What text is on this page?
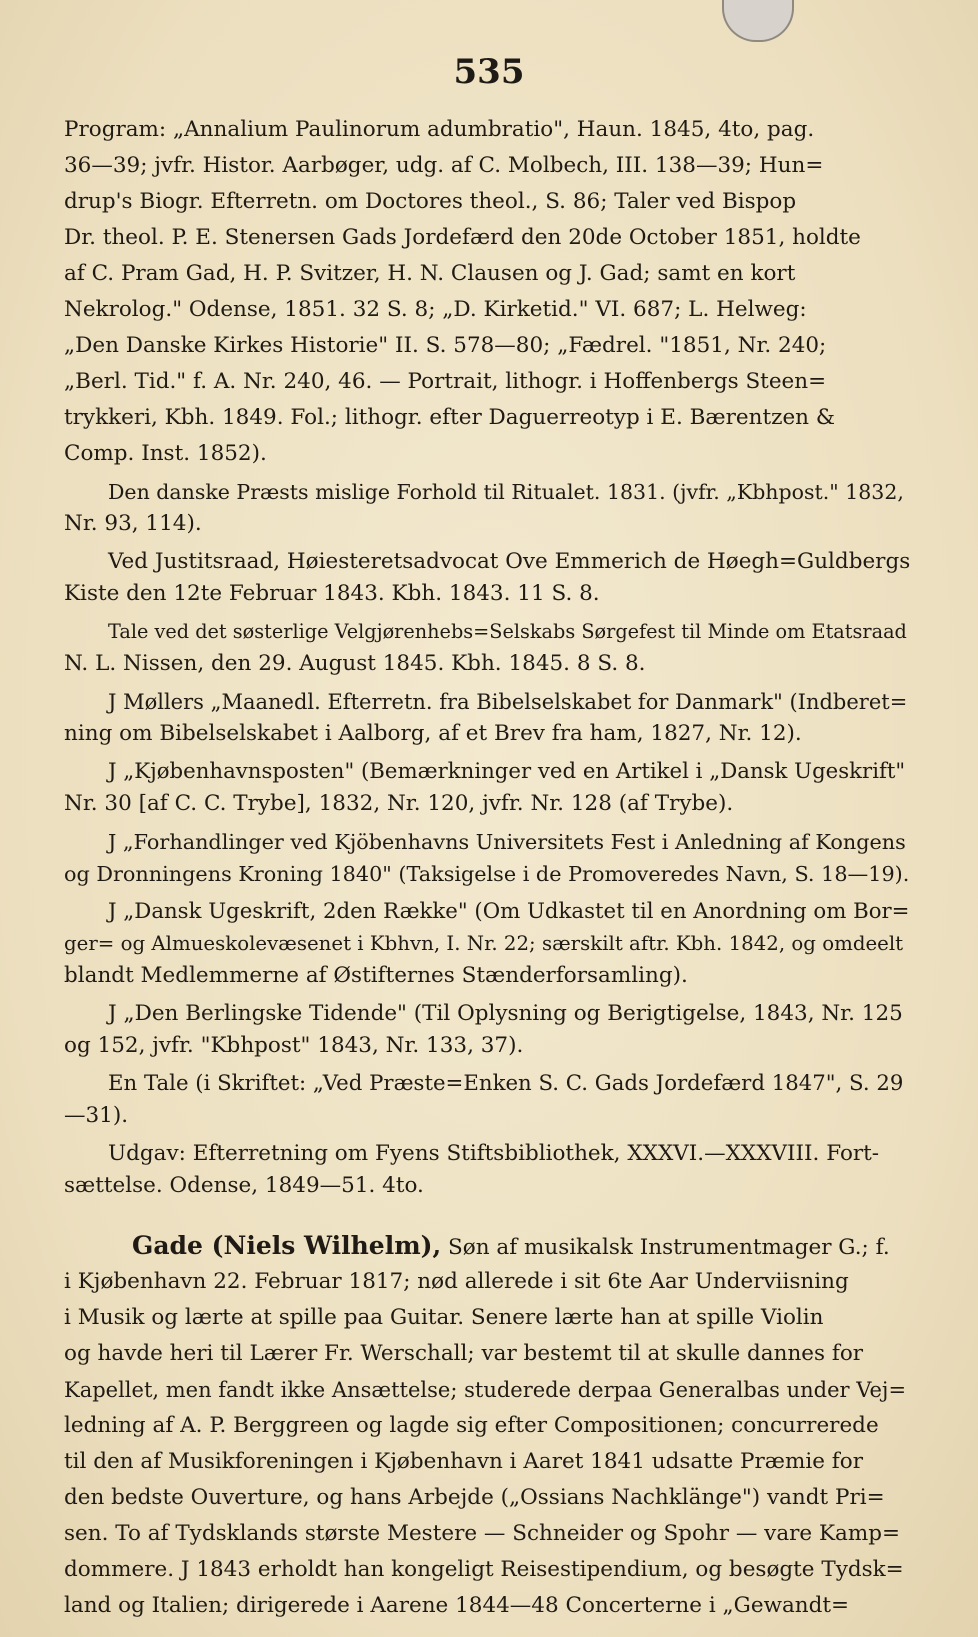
535
Program: „Annalium Paulinorum adumbratio", Haun. 1845, 4to, pag.
36—39; jvfr. Histor. Aarbøger, udg. af C. Molbech, III. 138—39; Hun=
drup's Biogr. Efterretn. om Doctores theol., S. 86; Taler ved Bispop
Dr. theol. P. E. Stenersen Gads Jordefærd den 20de October 1851, holdte
af C. Pram Gad, H. P. Svitzer, H. N. Clausen og J. Gad; samt en kort
Nekrolog." Odense, 1851. 32 S. 8; „D. Kirketid." VI. 687; L. Helweg:
„Den Danske Kirkes Historie" II. S. 578—80; „Fædrel. "1851, Nr. 240;
„Berl. Tid." f. A. Nr. 240, 46. — Portrait, lithogr. i Hoffenbergs Steen=
trykkeri, Kbh. 1849. Fol.; lithogr. efter Daguerreotyp i E. Bærentzen &
Comp. Inst. 1852).
Den danske Præsts mislige Forhold til Ritualet. 1831. (jvfr. „Kbhpost." 1832,
Nr. 93, 114).
Ved Justitsraad, Høiesteretsadvocat Ove Emmerich de Høegh=Guldbergs
Kiste den 12te Februar 1843. Kbh. 1843. 11 S. 8.
Tale ved det søsterlige Velgjørenhebs=Selskabs Sørgefest til Minde om Etatsraad
N. L. Nissen, den 29. August 1845. Kbh. 1845. 8 S. 8.
J Møllers „Maanedl. Efterretn. fra Bibelselskabet for Danmark" (Indberet=
ning om Bibelselskabet i Aalborg, af et Brev fra ham, 1827, Nr. 12).
J „Kjøbenhavnsposten" (Bemærkninger ved en Artikel i „Dansk Ugeskrift"
Nr. 30 [af C. C. Trybe], 1832, Nr. 120, jvfr. Nr. 128 (af Trybe).
J „Forhandlinger ved Kjöbenhavns Universitets Fest i Anledning af Kongens
og Dronningens Kroning 1840" (Taksigelse i de Promoveredes Navn, S. 18—19).
J „Dansk Ugeskrift, 2den Række" (Om Udkastet til en Anordning om Bor=
ger= og Almueskolevæsenet i Kbhvn, I. Nr. 22; særskilt aftr. Kbh. 1842, og omdeelt
blandt Medlemmerne af Østifternes Stænderforsamling).
J „Den Berlingske Tidende" (Til Oplysning og Berigtigelse, 1843, Nr. 125
og 152, jvfr. "Kbhpost" 1843, Nr. 133, 37).
En Tale (i Skriftet: „Ved Præste=Enken S. C. Gads Jordefærd 1847", S. 29
—31).
Udgav: Efterretning om Fyens Stiftsbibliothek, XXXVI.—XXXVIII. Fort-
sættelse. Odense, 1849—51. 4to.
Gade (Niels Wilhelm), Søn af musikalsk Instrumentmager G.; f.
i Kjøbenhavn 22. Februar 1817; nød allerede i sit 6te Aar Underviisning
i Musik og lærte at spille paa Guitar. Senere lærte han at spille Violin
og havde heri til Lærer Fr. Werschall; var bestemt til at skulle dannes for
Kapellet, men fandt ikke Ansættelse; studerede derpaa Generalbas under Vej=
ledning af A. P. Berggreen og lagde sig efter Compositionen; concurrerede
til den af Musikforeningen i Kjøbenhavn i Aaret 1841 udsatte Præmie for
den bedste Ouverture, og hans Arbejde („Ossians Nachklänge") vandt Pri=
sen. To af Tydsklands største Mestere — Schneider og Spohr — vare Kamp=
dommere. J 1843 erholdt han kongeligt Reisestipendium, og besøgte Tydsk=
land og Italien; dirigerede i Aarene 1844—48 Concerterne i „Gewandt=
